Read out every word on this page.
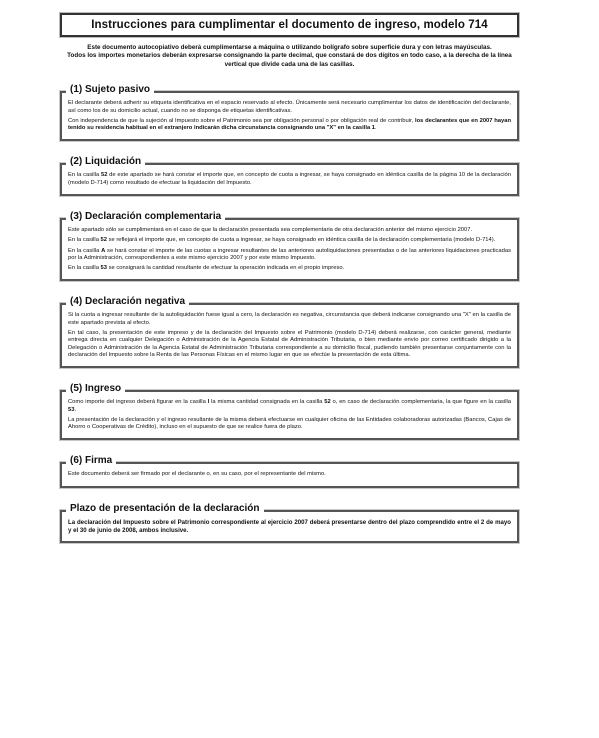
Instrucciones para cumplimentar el documento de ingreso, modelo 714
Este documento autocopiativo deberá cumplimentarse a máquina o utilizando bolígrafo sobre superficie dura y con letras mayúsculas.
Todos los importes monetarios deberán expresarse consignando la parte decimal, que constará de dos dígitos en todo caso, a la derecha de la línea vertical que divide cada una de las casillas.
(1) Sujeto pasivo

El declarante deberá adherir su etiqueta identificativa en el espacio reservado al efecto. Únicamente será necesario cumplimentar los datos de identificación del declarante, así como los de su domicilio actual, cuando no se disponga de etiquetas identificativas.

Con independencia de que la sujeción al Impuesto sobre el Patrimonio sea por obligación personal o por obligación real de contribuir, los declarantes que en 2007 hayan tenido su residencia habitual en el extranjero indicarán dicha circunstancia consignando una "X" en la casilla 1.

(2) Liquidación

En la casilla 52 de este apartado se hará constar el importe que, en concepto de cuota a ingresar, se haya consignado en idéntica casilla de la página 10 de la declaración (modelo D-714) como resultado de efectuar la liquidación del Impuesto.

(3) Declaración complementaria

Este apartado sólo se cumplimentará en el caso de que la declaración presentada sea complementaria de otra declaración anterior del mismo ejercicio 2007.

En la casilla 52 se reflejará el importe que, en concepto de cuota a ingresar, se haya consignado en idéntica casilla de la declaración complementaria (modelo D-714).

En la casilla A se hará constar el importe de las cuotas a ingresar resultantes de las anteriores autoliquidaciones presentadas o de las anteriores liquidaciones practicadas por la Administración, correspondientes a este mismo ejercicio 2007 y por este mismo Impuesto.

En la casilla 53 se consignará la cantidad resultante de efectuar la operación indicada en el propio impreso.

(4) Declaración negativa

Si la cuota a ingresar resultante de la autoliquidación fuese igual a cero, la declaración es negativa, circunstancia que deberá indicarse consignando una "X" en la casilla de este apartado prevista al efecto.

En tal caso, la presentación de este impreso y de la declaración del Impuesto sobre el Patrimonio (modelo D-714) deberá realizarse, con carácter general, mediante entrega directa en cualquier Delegación o Administración de la Agencia Estatal de Administración Tributaria, o bien mediante envío por correo certificado dirigido a la Delegación o Administración de la Agencia Estatal de Administración Tributaria correspondiente a su domicilio fiscal, pudiendo también presentarse conjuntamente con la declaración del Impuesto sobre la Renta de las Personas Físicas en el mismo lugar en que se efectúe la presentación de esta última.

(5) Ingreso

Como importe del ingreso deberá figurar en la casilla I la misma cantidad consignada en la casilla 52 o, en caso de declaración complementaria, la que figure en la casilla 53.

La presentación de la declaración y el ingreso resultante de la misma deberá efectuarse en cualquier oficina de las Entidades colaboradoras autorizadas (Bancos, Cajas de Ahorro o Cooperativas de Crédito), incluso en el supuesto de que se realice fuera de plazo.

(6) Firma

Este documento deberá ser firmado por el declarante o, en su caso, por el representante del mismo.

Plazo de presentación de la declaración

La declaración del Impuesto sobre el Patrimonio correspondiente al ejercicio 2007 deberá presentarse dentro del plazo comprendido entre el 2 de mayo y el 30 de junio de 2008, ambos inclusive.
